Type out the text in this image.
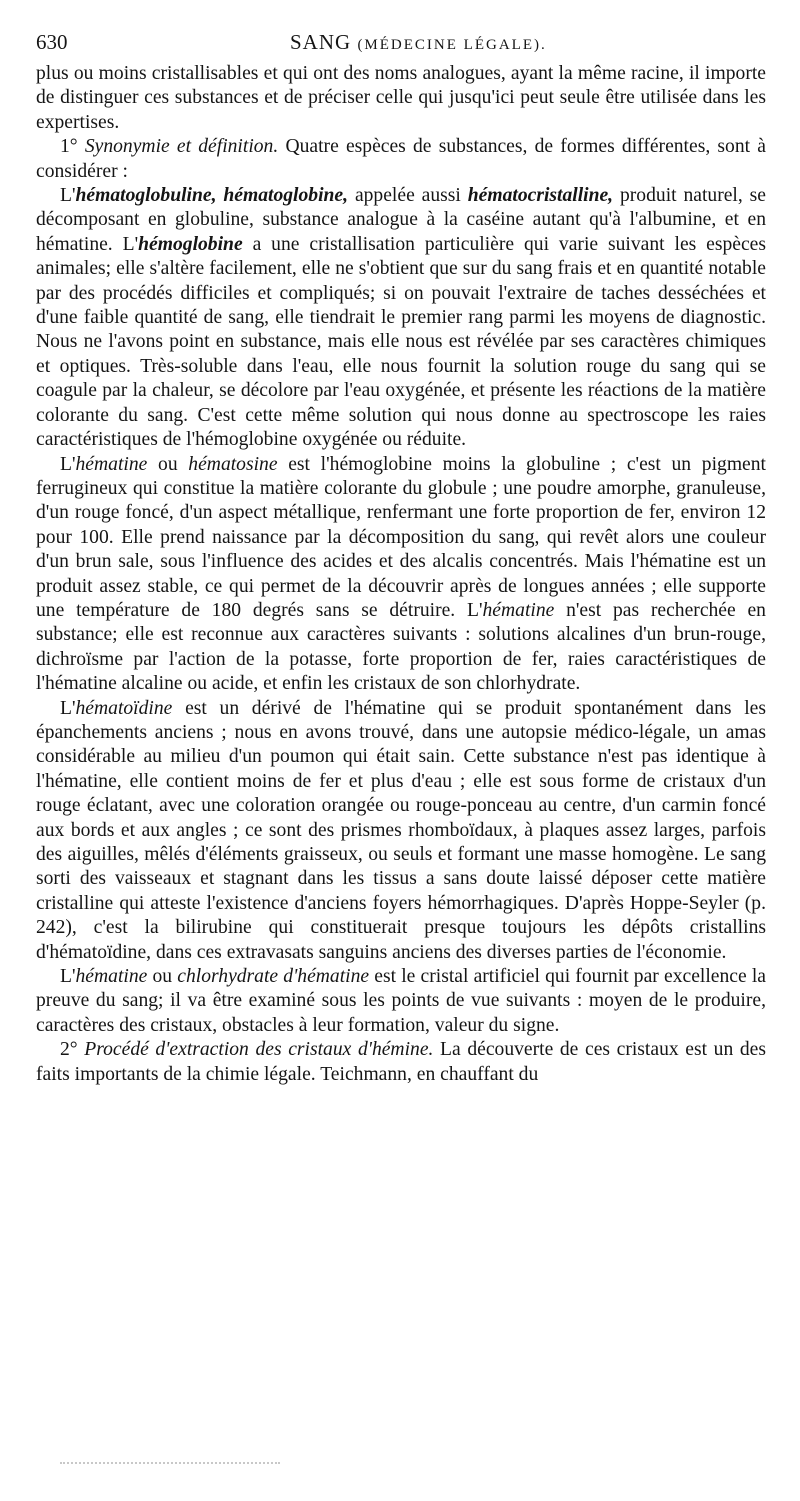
630	SANG (MÉDECINE LÉGALE).

plus ou moins cristallisables et qui ont des noms analogues, ayant la même racine, il importe de distinguer ces substances et de préciser celle qui jusqu'ici peut seule être utilisée dans les expertises.

1° Synonymie et définition. Quatre espèces de substances, de formes différentes, sont à considérer :

L'hématoglobuline, hématoglobine, appelée aussi hématocristalline, produit naturel, se décomposant en globuline, substance analogue à la caséine autant qu'à l'albumine, et en hématine. L'hémoglobine a une cristallisation particulière qui varie suivant les espèces animales; elle s'altère facilement, elle ne s'obtient que sur du sang frais et en quantité notable par des procédés difficiles et compliqués; si on pouvait l'extraire de taches desséchées et d'une faible quantité de sang, elle tiendrait le premier rang parmi les moyens de diagnostic. Nous ne l'avons point en substance, mais elle nous est révélée par ses caractères chimiques et optiques. Très-soluble dans l'eau, elle nous fournit la solution rouge du sang qui se coagule par la chaleur, se décolore par l'eau oxygénée, et présente les réactions de la matière colorante du sang. C'est cette même solution qui nous donne au spectroscope les raies caractéristiques de l'hémoglobine oxygénée ou réduite.

L'hématine ou hématosine est l'hémoglobine moins la globuline ; c'est un pigment ferrugineux qui constitue la matière colorante du globule ; une poudre amorphe, granuleuse, d'un rouge foncé, d'un aspect métallique, renfermant une forte proportion de fer, environ 12 pour 100. Elle prend naissance par la décomposition du sang, qui revêt alors une couleur d'un brun sale, sous l'influence des acides et des alcalis concentrés. Mais l'hématine est un produit assez stable, ce qui permet de la découvrir après de longues années ; elle supporte une température de 180 degrés sans se détruire. L'hématine n'est pas recherchée en substance; elle est reconnue aux caractères suivants : solutions alcalines d'un brun-rouge, dichroïsme par l'action de la potasse, forte proportion de fer, raies caractéristiques de l'hématine alcaline ou acide, et enfin les cristaux de son chlorhydrate.

L'hématoïdine est un dérivé de l'hématine qui se produit spontanément dans les épanchements anciens ; nous en avons trouvé, dans une autopsie médico-légale, un amas considérable au milieu d'un poumon qui était sain. Cette substance n'est pas identique à l'hématine, elle contient moins de fer et plus d'eau ; elle est sous forme de cristaux d'un rouge éclatant, avec une coloration orangée ou rouge-ponceau au centre, d'un carmin foncé aux bords et aux angles ; ce sont des prismes rhomboïdaux, à plaques assez larges, parfois des aiguilles, mêlés d'éléments graisseux, ou seuls et formant une masse homogène. Le sang sorti des vaisseaux et stagnant dans les tissus a sans doute laissé déposer cette matière cristalline qui atteste l'existence d'anciens foyers hémorrhagiques. D'après Hoppe-Seyler (p. 242), c'est la bilirubine qui constituerait presque toujours les dépôts cristallins d'hématoïdine, dans ces extravasats sanguins anciens des diverses parties de l'économie.

L'hématine ou chlorhydrate d'hématine est le cristal artificiel qui fournit par excellence la preuve du sang; il va être examiné sous les points de vue suivants : moyen de le produire, caractères des cristaux, obstacles à leur formation, valeur du signe.

2° Procédé d'extraction des cristaux d'hémine. La découverte de ces cristaux est un des faits importants de la chimie légale. Teichmann, en chauffant du
